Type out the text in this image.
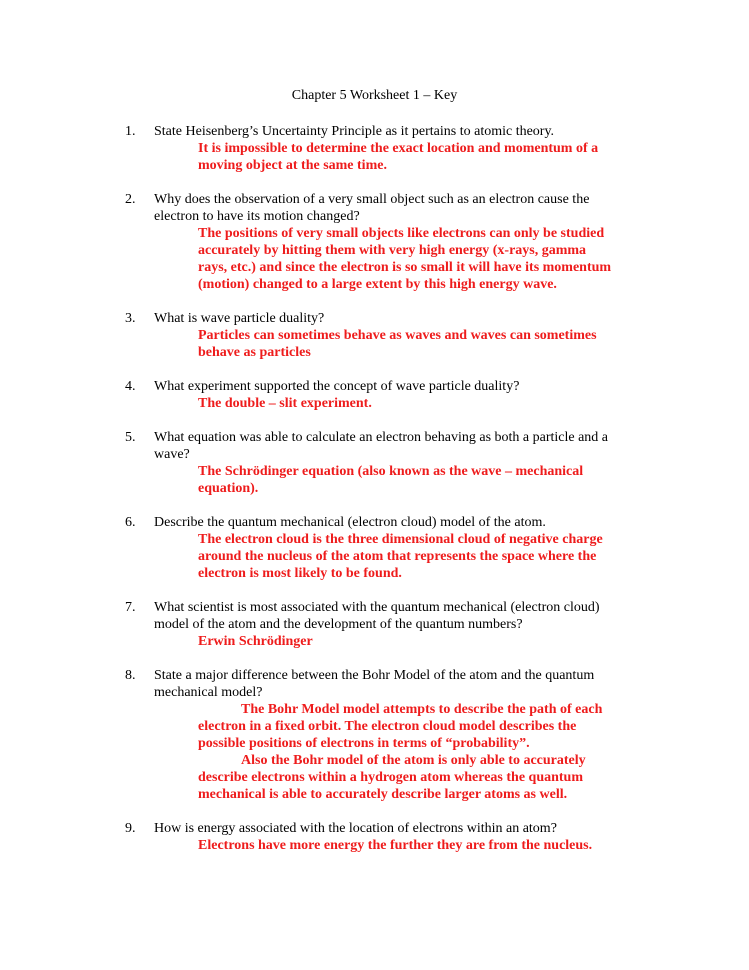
Chapter 5 Worksheet 1 – Key
1. State Heisenberg’s Uncertainty Principle as it pertains to atomic theory.
It is impossible to determine the exact location and momentum of a
moving object at the same time.
2. Why does the observation of a very small object such as an electron cause the
electron to have its motion changed?
The positions of very small objects like electrons can only be studied
accurately by hitting them with very high energy (x-rays, gamma
rays, etc.) and since the electron is so small it will have its momentum
(motion) changed to a large extent by this high energy wave.
3. What is wave particle duality?
Particles can sometimes behave as waves and waves can sometimes
behave as particles
4. What experiment supported the concept of wave particle duality?
The double – slit experiment.
5. What equation was able to calculate an electron behaving as both a particle and a
wave?
The Schrödinger equation (also known as the wave – mechanical
equation).
6. Describe the quantum mechanical (electron cloud) model of the atom.
The electron cloud is the three dimensional cloud of negative charge
around the nucleus of the atom that represents the space where the
electron is most likely to be found.
7. What scientist is most associated with the quantum mechanical (electron cloud)
model of the atom and the development of the quantum numbers?
Erwin Schrödinger
8. State a major difference between the Bohr Model of the atom and the quantum
mechanical model?
The Bohr Model model attempts to describe the path of each
electron in a fixed orbit. The electron cloud model describes the
possible positions of electrons in terms of “probability”.
Also the Bohr model of the atom is only able to accurately
describe electrons within a hydrogen atom whereas the quantum
mechanical is able to accurately describe larger atoms as well.
9. How is energy associated with the location of electrons within an atom?
Electrons have more energy the further they are from the nucleus.
